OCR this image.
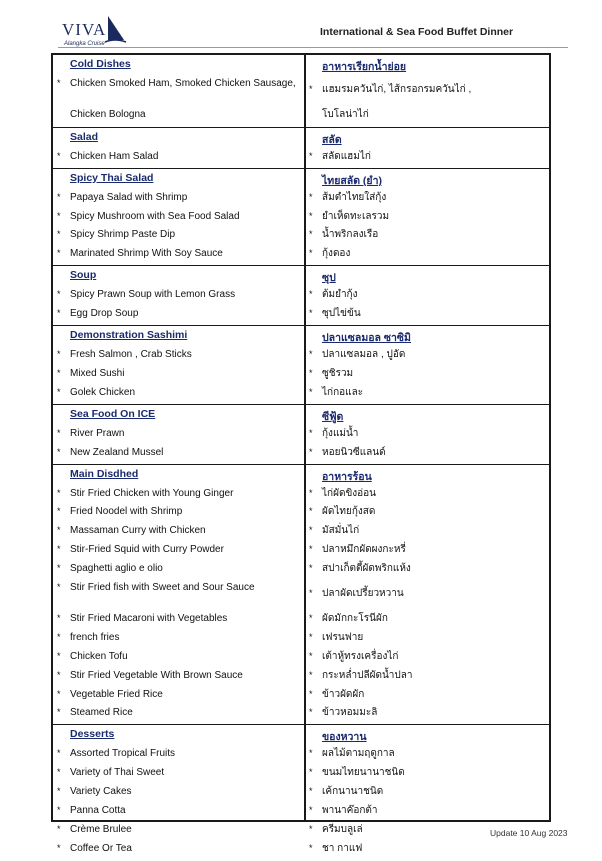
VIVA
Alangka Cruise
International & Sea Food Buffet Dinner
Cold Dishes
* Chicken Smoked Ham, Smoked Chicken Sausage,
Chicken Bologna
อาหารเรียกน้ำย่อย
* แฮมรมควันไก่, ไส้กรอกรมควันไก่ ,
โบโลน่าไก่
Salad
* Chicken Ham Salad
สลัด
* สลัดแฮมไก่
Spicy Thai Salad
* Papaya Salad with Shrimp
* Spicy Mushroom with Sea Food Salad
* Spicy Shrimp Paste Dip
* Marinated Shrimp With Soy Sauce
ไทยสลัด (ยำ)
* ส้มตำไทยใส่กุ้ง
* ยำเห็ดทะเลรวม
* น้ำพริกลงเรือ
* กุ้งดอง
Soup
* Spicy Prawn Soup with Lemon Grass
* Egg Drop Soup
ซุป
* ต้มยำกุ้ง
* ซุปไข่ข้น
Demonstration Sashimi
* Fresh Salmon , Crab Sticks
* Mixed Sushi
* Golek Chicken
ปลาแซลมอล ซาซิมิ
* ปลาแซลมอล , ปูอัด
* ซูชิรวม
* ไก่กอและ
Sea Food On ICE
* River Prawn
* New Zealand Mussel
ซีฟู้ด
* กุ้งแม่น้ำ
* หอยนิวซีแลนด์
Main Disdhed
* Stir Fried Chicken with Young Ginger
* Fried Noodel with Shrimp
* Massaman Curry with Chicken
* Stir-Fried Squid with Curry Powder
* Spaghetti aglio e olio
* Stir Fried fish with Sweet and Sour Sauce
* Stir Fried Macaroni with Vegetables
* french fries
* Chicken Tofu
* Stir Fried Vegetable With Brown Sauce
* Vegetable Fried Rice
* Steamed Rice
อาหารร้อน
* ไก่ผัดขิงอ่อน
* ผัดไทยกุ้งสด
* มัสมั่นไก่
* ปลาหมึกผัดผงกะหรี่
* สปาเก็ตตี้ผัดพริกแห้ง
* ปลาผัดเปรี้ยวหวาน
* ผัดมักกะโรนีผัก
* เฟรนฟาย
* เต้าหู้ทรงเครื่องไก่
* กระหล่ำปลีผัดน้ำปลา
* ข้าวผัดผัก
* ข้าวหอมมะลิ
Desserts
* Assorted Tropical Fruits
* Variety of Thai Sweet
* Variety Cakes
* Panna Cotta
* Crème Brulee
* Coffee Or Tea
ของหวาน
* ผลไม้ตามฤดูกาล
* ขนมไทยนานาชนิด
* เค้กนานาชนิด
* พานาค๊อกต้า
* ครีมบลูเล่
* ชา กาแฟ
Update 10 Aug 2023
